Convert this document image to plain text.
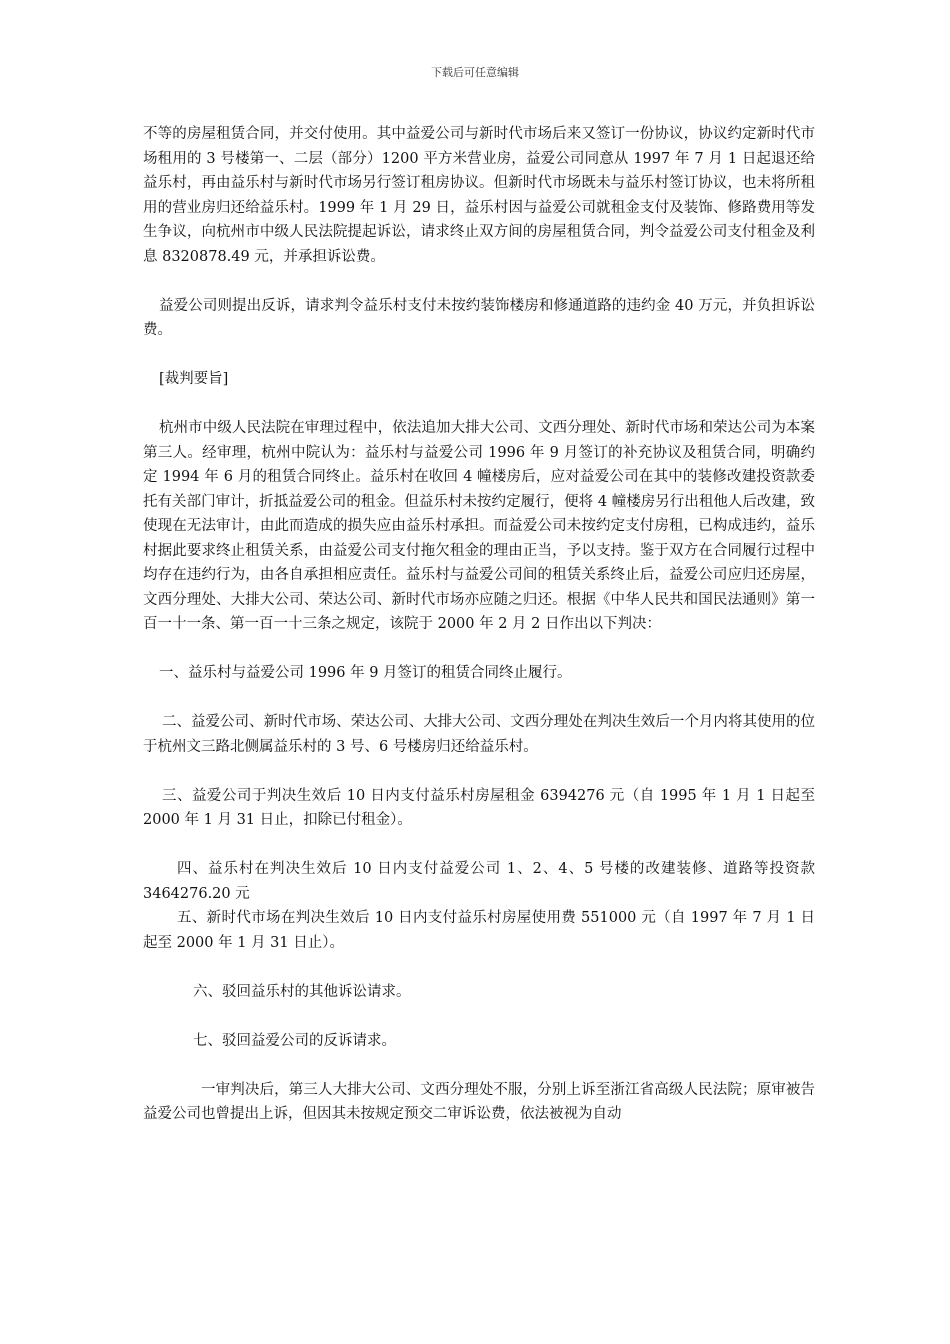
下载后可任意编辑

不等的房屋租赁合同，并交付使用。其中益爱公司与新时代市场后来又签订一份协议，协议约定新时代市场租用的 3 号楼第一、二层（部分）1200 平方米营业房，益爱公司同意从 1997 年 7 月 1 日起退还给益乐村，再由益乐村与新时代市场另行签订租房协议。但新时代市场既未与益乐村签订协议，也未将所租用的营业房归还给益乐村。1999 年 1 月 29 日，益乐村因与益爱公司就租金支付及装饰、修路费用等发生争议，向杭州市中级人民法院提起诉讼，请求终止双方间的房屋租赁合同，判令益爱公司支付租金及利息 8320878.49 元，并承担诉讼费。

益爱公司则提出反诉，请求判令益乐村支付未按约装饰楼房和修通道路的违约金 40 万元，并负担诉讼费。

[裁判要旨]

杭州市中级人民法院在审理过程中，依法追加大排大公司、文西分理处、新时代市场和荣达公司为本案第三人。经审理，杭州中院认为：益乐村与益爱公司 1996 年 9 月签订的补充协议及租赁合同，明确约定 1994 年 6 月的租赁合同终止。益乐村在收回 4 幢楼房后，应对益爱公司在其中的装修改建投资款委托有关部门审计，折抵益爱公司的租金。但益乐村未按约定履行，便将 4 幢楼房另行出租他人后改建，致使现在无法审计，由此而造成的损失应由益乐村承担。而益爱公司未按约定支付房租，已构成违约，益乐村据此要求终止租赁关系，由益爱公司支付拖欠租金的理由正当，予以支持。鉴于双方在合同履行过程中均存在违约行为，由各自承担相应责任。益乐村与益爱公司间的租赁关系终止后，益爱公司应归还房屋，文西分理处、大排大公司、荣达公司、新时代市场亦应随之归还。根据《中华人民共和国民法通则》第一百一十一条、第一百一十三条之规定，该院于 2000 年 2 月 2 日作出以下判决：

一、益乐村与益爱公司 1996 年 9 月签订的租赁合同终止履行。

二、益爱公司、新时代市场、荣达公司、大排大公司、文西分理处在判决生效后一个月内将其使用的位于杭州文三路北侧属益乐村的 3 号、6 号楼房归还给益乐村。

三、益爱公司于判决生效后 10 日内支付益乐村房屋租金 6394276 元（自 1995 年 1 月 1 日起至 2000 年 1 月 31 日止，扣除已付租金）。

四、益乐村在判决生效后 10 日内支付益爱公司 1、2、4、5 号楼的改建装修、道路等投资款 3464276.20 元

五、新时代市场在判决生效后 10 日内支付益乐村房屋使用费 551000 元（自 1997 年 7 月 1 日起至 2000 年 1 月 31 日止）。

六、驳回益乐村的其他诉讼请求。

七、驳回益爱公司的反诉请求。

一审判决后，第三人大排大公司、文西分理处不服，分别上诉至浙江省高级人民法院；原审被告益爱公司也曾提出上诉，但因其未按规定预交二审诉讼费，依法被视为自动
